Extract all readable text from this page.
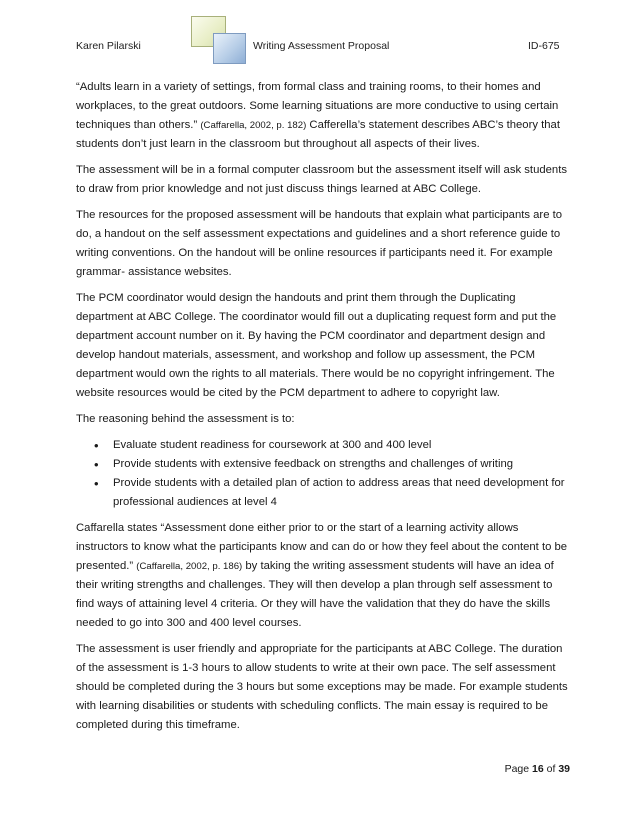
Karen Pilarski	Writing Assessment Proposal	ID-675

“Adults learn in a variety of settings, from formal class and training rooms, to their homes and workplaces, to the great outdoors. Some learning situations are more conductive to using certain techniques than others.” (Caffarella, 2002, p. 182) Cafferella’s statement describes ABC’s theory that students don’t just learn in the classroom but throughout all aspects of their lives.

The assessment will be in a formal computer classroom but the assessment itself will ask students to draw from prior knowledge and not just discuss things learned at ABC College.

The resources for the proposed assessment will be handouts that explain what participants are to do, a handout on the self assessment expectations and guidelines and a short reference guide to writing conventions. On the handout will be online resources if participants need it. For example grammar- assistance websites.

The PCM coordinator would design the handouts and print them through the Duplicating department at ABC College. The coordinator would fill out a duplicating request form and put the department account number on it. By having the PCM coordinator and department design and develop handout materials, assessment, and workshop and follow up assessment, the PCM department would own the rights to all materials. There would be no copyright infringement. The website resources would be cited by the PCM department to adhere to copyright law.

The reasoning behind the assessment is to:

• Evaluate student readiness for coursework at 300 and 400 level
• Provide students with extensive feedback on strengths and challenges of writing
• Provide students with a detailed plan of action to address areas that need development for professional audiences at level 4

Caffarella states “Assessment done either prior to or the start of a learning activity allows instructors to know what the participants know and can do or how they feel about the content to be presented.” (Caffarella, 2002, p. 186) by taking the writing assessment students will have an idea of their writing strengths and challenges. They will then develop a plan through self assessment to find ways of attaining level 4 criteria. Or they will have the validation that they do have the skills needed to go into 300 and 400 level courses.

The assessment is user friendly and appropriate for the participants at ABC College. The duration of the assessment is 1-3 hours to allow students to write at their own pace. The self assessment should be completed during the 3 hours but some exceptions may be made. For example students with learning disabilities or students with scheduling conflicts. The main essay is required to be completed during this timeframe.

Page 16 of 39
